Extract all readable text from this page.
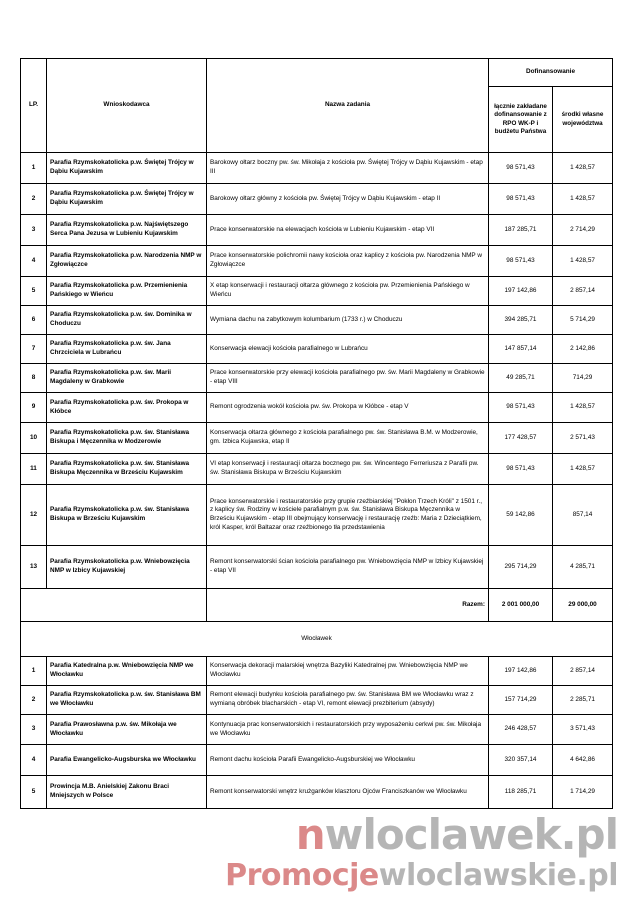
LP.	Wnioskodawca	Nazwa zadania	Dofinansowanie	
			łącznie zakładane dofinansowanie z RPO WK-P i budżetu Państwa	środki własne województwa
1	Parafia Rzymskokatolicka p.w. Świętej Trójcy w Dąbiu Kujawskim	Barokowy ołtarz boczny pw. św. Mikołaja z kościoła pw. Świętej Trójcy w Dąbiu Kujawskim - etap III	98 571,43	1 428,57
2	Parafia Rzymskokatolicka p.w. Świętej Trójcy w Dąbiu Kujawskim	Barokowy ołtarz główny z kościoła pw. Świętej Trójcy w Dąbiu Kujawskim - etap II	98 571,43	1 428,57
3	Parafia Rzymskokatolicka p.w. Najświętszego Serca Pana Jezusa w Lubieniu Kujawskim	Prace konserwatorskie na elewacjach kościoła w Lubieniu Kujawskim - etap VII	187 285,71	2 714,29
4	Parafia Rzymskokatolicka p.w. Narodzenia NMP w Zgłowiączce	Prace konserwatorskie polichromii nawy kościoła oraz kaplicy z kościoła pw. Narodzenia NMP w Zgłowiączce	98 571,43	1 428,57
5	Parafia Rzymskokatolicka p.w. Przemienienia Pańskiego w Wieńcu	X etap konserwacji i restauracji ołtarza głównego z kościoła pw. Przemienienia Pańskiego w Wieńcu	197 142,86	2 857,14
6	Parafia Rzymskokatolicka p.w. św. Dominika w Choduczu	Wymiana dachu na zabytkowym kolumbarium (1733 r.) w Choduczu	394 285,71	5 714,29
7	Parafia Rzymskokatolicka p.w. św. Jana Chrzciciela w Lubrańcu	Konserwacja elewacji kościoła parafialnego w Lubrańcu	147 857,14	2 142,86
8	Parafia Rzymskokatolicka p.w. św. Marii Magdaleny w Grabkowie	Prace konserwatorskie przy elewacji kościoła parafialnego pw. św. Marii Magdaleny w Grabkowie - etap VIII	49 285,71	714,29
9	Parafia Rzymskokatolicka p.w. św. Prokopa w Kłóbce	Remont ogrodzenia wokół kościoła pw. św. Prokopa w Kłóbce - etap V	98 571,43	1 428,57
10	Parafia Rzymskokatolicka p.w. św. Stanisława Biskupa i Męczennika w Modzerowie	Konserwacja ołtarza głównego z kościoła parafialnego pw. św. Stanisława B.M. w Modzerowie, gm. Izbica Kujawska, etap II	177 428,57	2 571,43
11	Parafia Rzymskokatolicka p.w. św. Stanisława Biskupa Męczennika w Brześciu Kujawskim	VI etap konserwacji i restauracji ołtarza bocznego pw. św. Wincentego Ferreriusza z Parafii pw. św. Stanisława Biskupa w Brześciu Kujawskim	98 571,43	1 428,57
12	Parafia Rzymskokatolicka p.w. św. Stanisława Biskupa w Brześciu Kujawskim	Prace konserwatorskie i restauratorskie przy grupie rzeźbiarskiej "Pokłon Trzech Króli" z 1501 r., z kaplicy św. Rodziny w kościele parafialnym p.w. św. Stanisława Biskupa Męczennika w Brześciu Kujawskim - etap III obejmujący konserwację i restaurację rzeźb: Maria z Dzieciątkiem, król Kasper, król Baltazar oraz rzeźbionego tła przedstawienia	59 142,86	857,14
13	Parafia Rzymskokatolicka p.w. Wniebowzięcia NMP w Izbicy Kujawskiej	Remont konserwatorski ścian kościoła parafialnego pw. Wniebowzięcia NMP w Izbicy Kujawskiej - etap VII	295 714,29	4 285,71
		Razem:	2 001 000,00	29 000,00
Włocławek				
1	Parafia Katedralna p.w. Wniebowzięcia NMP we Włocławku	Konserwacja dekoracji malarskiej wnętrza Bazyliki Katedralnej pw. Wniebowzięcia NMP we Włocławku	197 142,86	2 857,14
2	Parafia Rzymskokatolicka p.w. św. Stanisława BM we Włocławku	Remont elewacji budynku kościoła parafialnego pw. św. Stanisława BM we Włocławku wraz z wymianą obróbek blacharskich - etap VI, remont elewacji prezbiterium (absydy)	157 714,29	2 285,71
3	Parafia Prawosławna p.w. św. Mikołaja we Włocławku	Kontynuacja prac konserwatorskich i restauratorskich przy wyposażeniu cerkwi pw. św. Mikołaja we Włocławku	246 428,57	3 571,43
4	Parafia Ewangelicko-Augsburska we Włocławku	Remont dachu kościoła Parafii Ewangelicko-Augsburskiej we Włocławku	320 357,14	4 642,86
5	Prowincja M.B. Anielskiej Zakonu Braci Mniejszych w Polsce	Remont konserwatorski wnętrz krużganków klasztoru Ojców Franciszkanów we Włocławku	118 285,71	1 714,29
nwloclawek.pl
Promocjewloclawskie.pl
